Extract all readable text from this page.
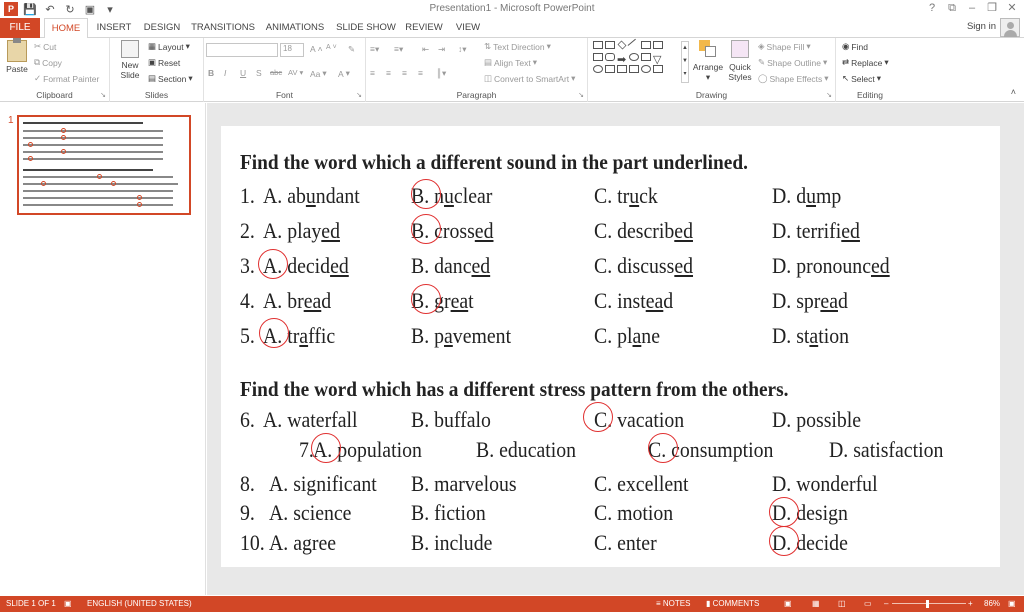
P 💾 ↶ ↻ ▣	▾	Presentation1 - Microsoft PowerPoint	?	⧉	–	❐ ✕
FILE	HOME	INSERT	DESIGN	TRANSITIONS	ANIMATIONS	SLIDE SHOW REVIEW	VIEW	Sign in
Paste
✂ Cut
⧉ Copy
✓ Format Painter
Clipboard	↘
New
Slide
▦ Layout ▾
▣ Reset
▤ Section ▾
Slides
18	A ˄ A ˅ ✎
B I U S abc AV ▾ Aa ▾ A ▾
Font	↘
≡▾ ≡▾ ⇤ ⇥ ↕▾
≡ ≡ ≡ ≡ ║▾
⇅ Text Direction ▾
▤ Align Text ▾
◫ Convert to SmartArt ▾
Paragraph	↘
➡ ▽
▲
▼
▾
Arrange
▾
Quick
Styles
◈ Shape Fill ▾
✎ Shape Outline ▾
◯ Shape Effects ▾
Drawing	↘
◉ Find
⇄ Replace ▾
↖ Select ▾
Editing	˄
1
Find the word which a different sound in the part underlined.
1. A. abundant B. nuclear	C. truck	D. dump
2. A. played	B. crossed	C. described	D. terrified
3. A. decided	B. danced	C. discussed	D. pronounced
4. A. bread	B. great	C. instead	D. spread
5. A. traffic	B. pavement	C. plane	D. station
Find the word which has a different stress pattern from the others.
6. A. waterfall B. buffalo	C. vacation	D. possible
7. A. population B. education	C. consumption	D. satisfaction
8. A. significant B. marvelous	C. excellent	D. wonderful
9. A. science	B. fiction	C. motion	D. design
10. A. agree	B. include	C. enter	D. decide
SLIDE 1 OF 1 ▣ ENGLISH (UNITED STATES)	≡ NOTES ▮ COMMENTS	▣	▦ ◫ ▭ –	+ 86% ▣
